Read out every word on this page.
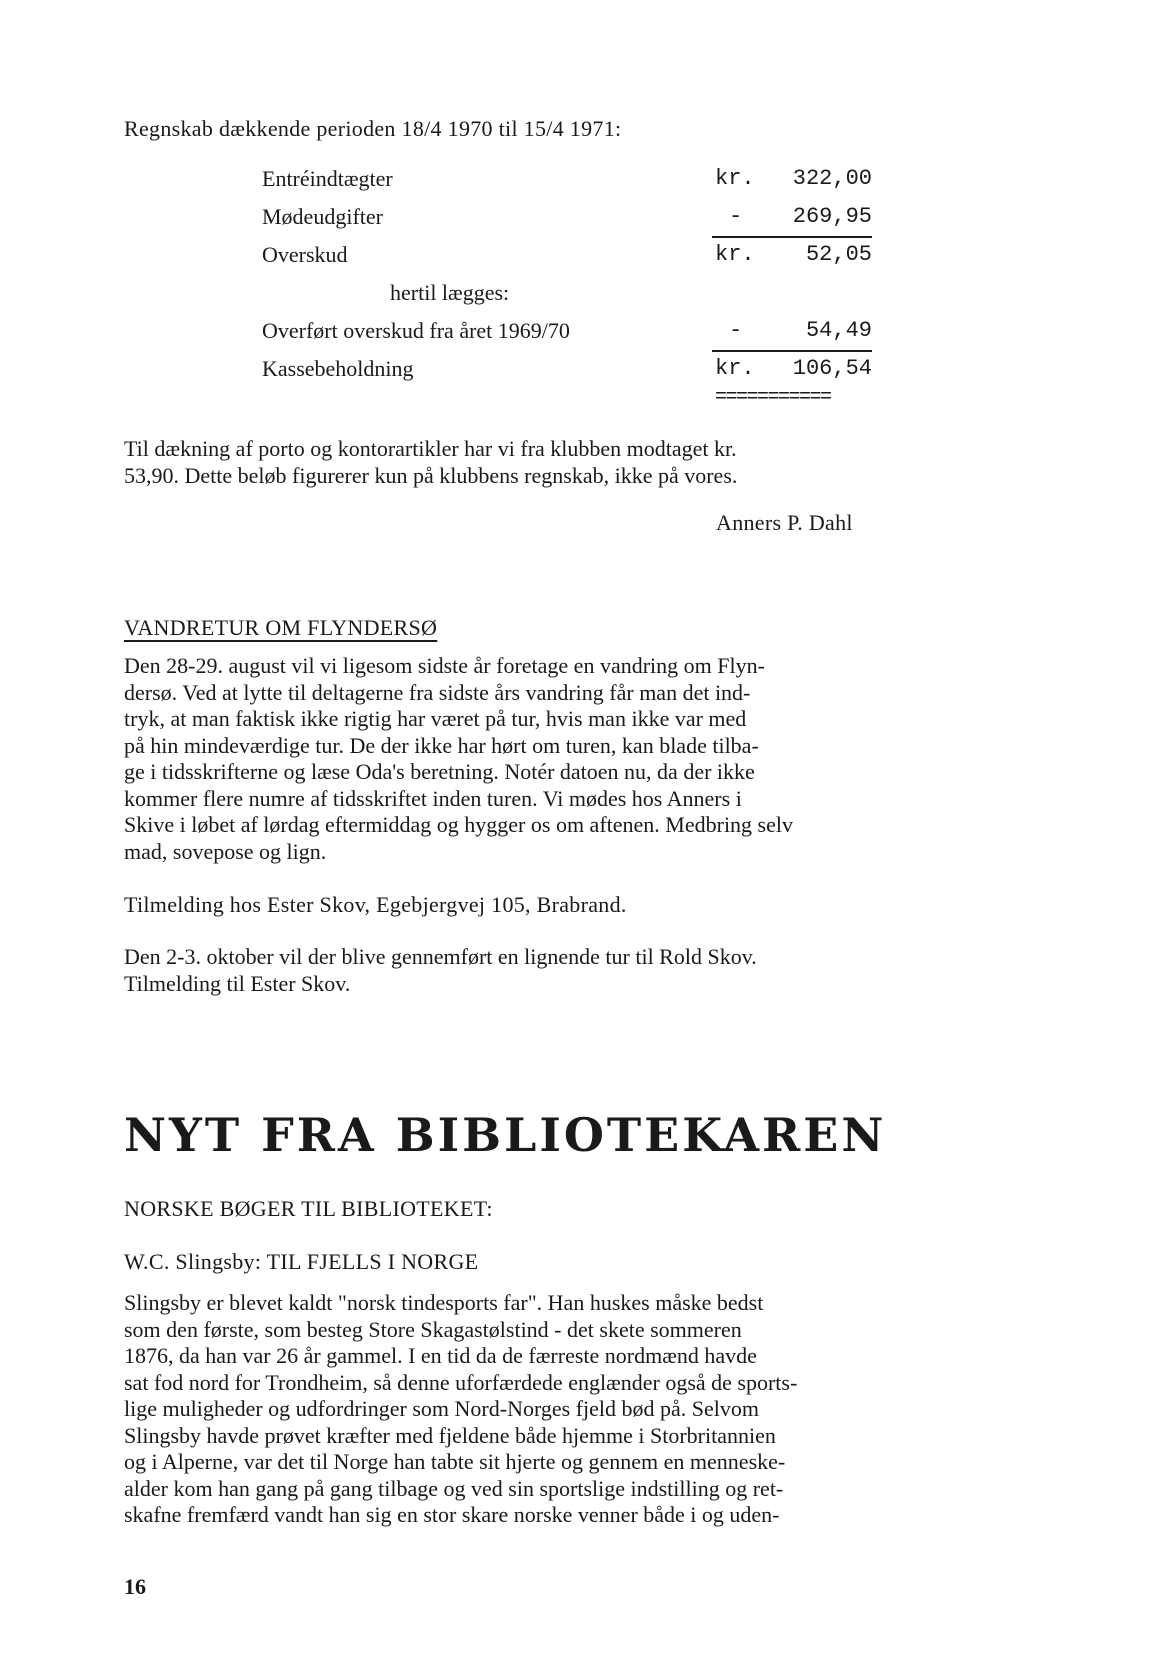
Regnskab dækkende perioden 18/4 1970 til 15/4 1971:
Entréindtægter	kr.	322,00
Mødeudgifter	-	269,95
Overskud	kr.	52,05
hertil lægges:
Overført overskud fra året 1969/70	-	54,49
Kassebeholdning	kr.	106,54
===========
Til dækning af porto og kontorartikler har vi fra klubben modtaget kr.
53,90. Dette beløb figurerer kun på klubbens regnskab, ikke på vores.
Anners P. Dahl
VANDRETUR OM FLYNDERSØ
Den 28-29. august vil vi ligesom sidste år foretage en vandring om Flyn-
dersø. Ved at lytte til deltagerne fra sidste års vandring får man det ind-
tryk, at man faktisk ikke rigtig har været på tur, hvis man ikke var med
på hin mindeværdige tur. De der ikke har hørt om turen, kan blade tilba-
ge i tidsskrifterne og læse Oda's beretning. Notér datoen nu, da der ikke
kommer flere numre af tidsskriftet inden turen. Vi mødes hos Anners i
Skive i løbet af lørdag eftermiddag og hygger os om aftenen. Medbring selv
mad, sovepose og lign.
Tilmelding hos Ester Skov, Egebjergvej 105, Brabrand.
Den 2-3. oktober vil der blive gennemført en lignende tur til Rold Skov.
Tilmelding til Ester Skov.
NYT FRA BIBLIOTEKAREN
NORSKE BØGER TIL BIBLIOTEKET:
W.C. Slingsby: TIL FJELLS I NORGE
Slingsby er blevet kaldt "norsk tindesports far". Han huskes måske bedst
som den første, som besteg Store Skagastølstind - det skete sommeren
1876, da han var 26 år gammel. I en tid da de færreste nordmænd havde
sat fod nord for Trondheim, så denne uforfærdede englænder også de sports-
lige muligheder og udfordringer som Nord-Norges fjeld bød på. Selvom
Slingsby havde prøvet kræfter med fjeldene både hjemme i Storbritannien
og i Alperne, var det til Norge han tabte sit hjerte og gennem en menneske-
alder kom han gang på gang tilbage og ved sin sportslige indstilling og ret-
skafne fremfærd vandt han sig en stor skare norske venner både i og uden-
16
